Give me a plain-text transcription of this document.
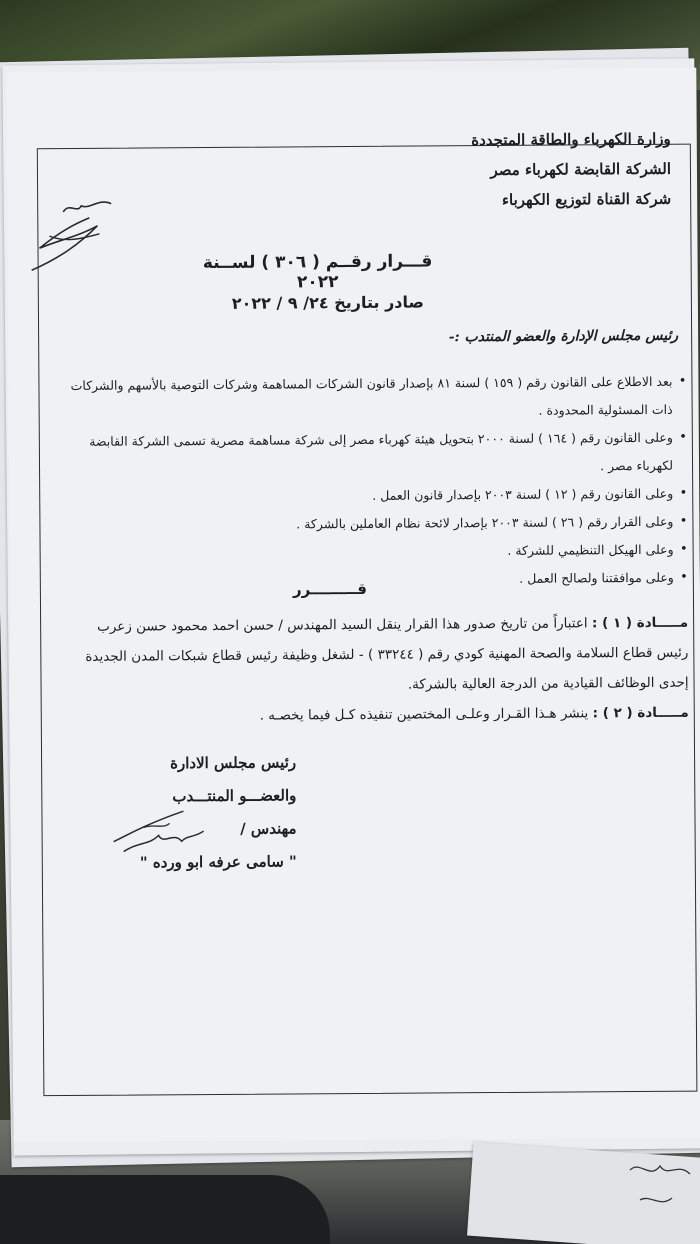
وزارة الكهرباء والطاقة المتجددة
الشركة القابضة لكهرباء مصر
شركة القناة لتوزيع الكهرباء
قـــرار رقــم ( ٣٠٦ ) لســنة ٢٠٢٢
صادر بتاريخ ٢٤/ ٩ / ٢٠٢٢
رئيس مجلس الإدارة والعضو المنتدب :-
• بعد الاطلاع على القانون رقم ( ١٥٩ ) لسنة ٨١ بإصدار قانون الشركات المساهمة وشركات التوصية بالأسهم والشركات ذات المسئولية المحدودة .
• وعلى القانون رقم ( ١٦٤ ) لسنة ٢٠٠٠ بتحويل هيئة كهرباء مصر إلى شركة مساهمة مصرية تسمى الشركة القابضة لكهرباء مصر .
• وعلى القانون رقم ( ١٢ ) لسنة ٢٠٠٣ بإصدار قانون العمل .
• وعلى القرار رقم ( ٢٦ ) لسنة ٢٠٠٣ بإصدار لائحة نظام العاملين بالشركة .
• وعلى الهيكل التنظيمي للشركة .
• وعلى موافقتنا ولصالح العمل .
قـــــــــرر
مـــــادة ( ١ ) : اعتباراً من تاريخ صدور هذا القرار ينقل السيد المهندس / حسن احمد محمود حسن زعرب رئيس قطاع السلامة والصحة المهنية كودي رقم ( ٣٣٢٤٤ ) - لشغل وظيفة رئيس قطاع شبكات المدن الجديدة إحدى الوظائف القيادية من الدرجة العالية بالشركة.
مـــــادة ( ٢ ) : ينشر هـذا القـرار وعلـى المختصين تنفيذه كـل فيما يخصـه .
رئيس مجلس الادارة
والعضـــو المنتـــدب
مهندس /
" سامى عرفه ابو ورده "
